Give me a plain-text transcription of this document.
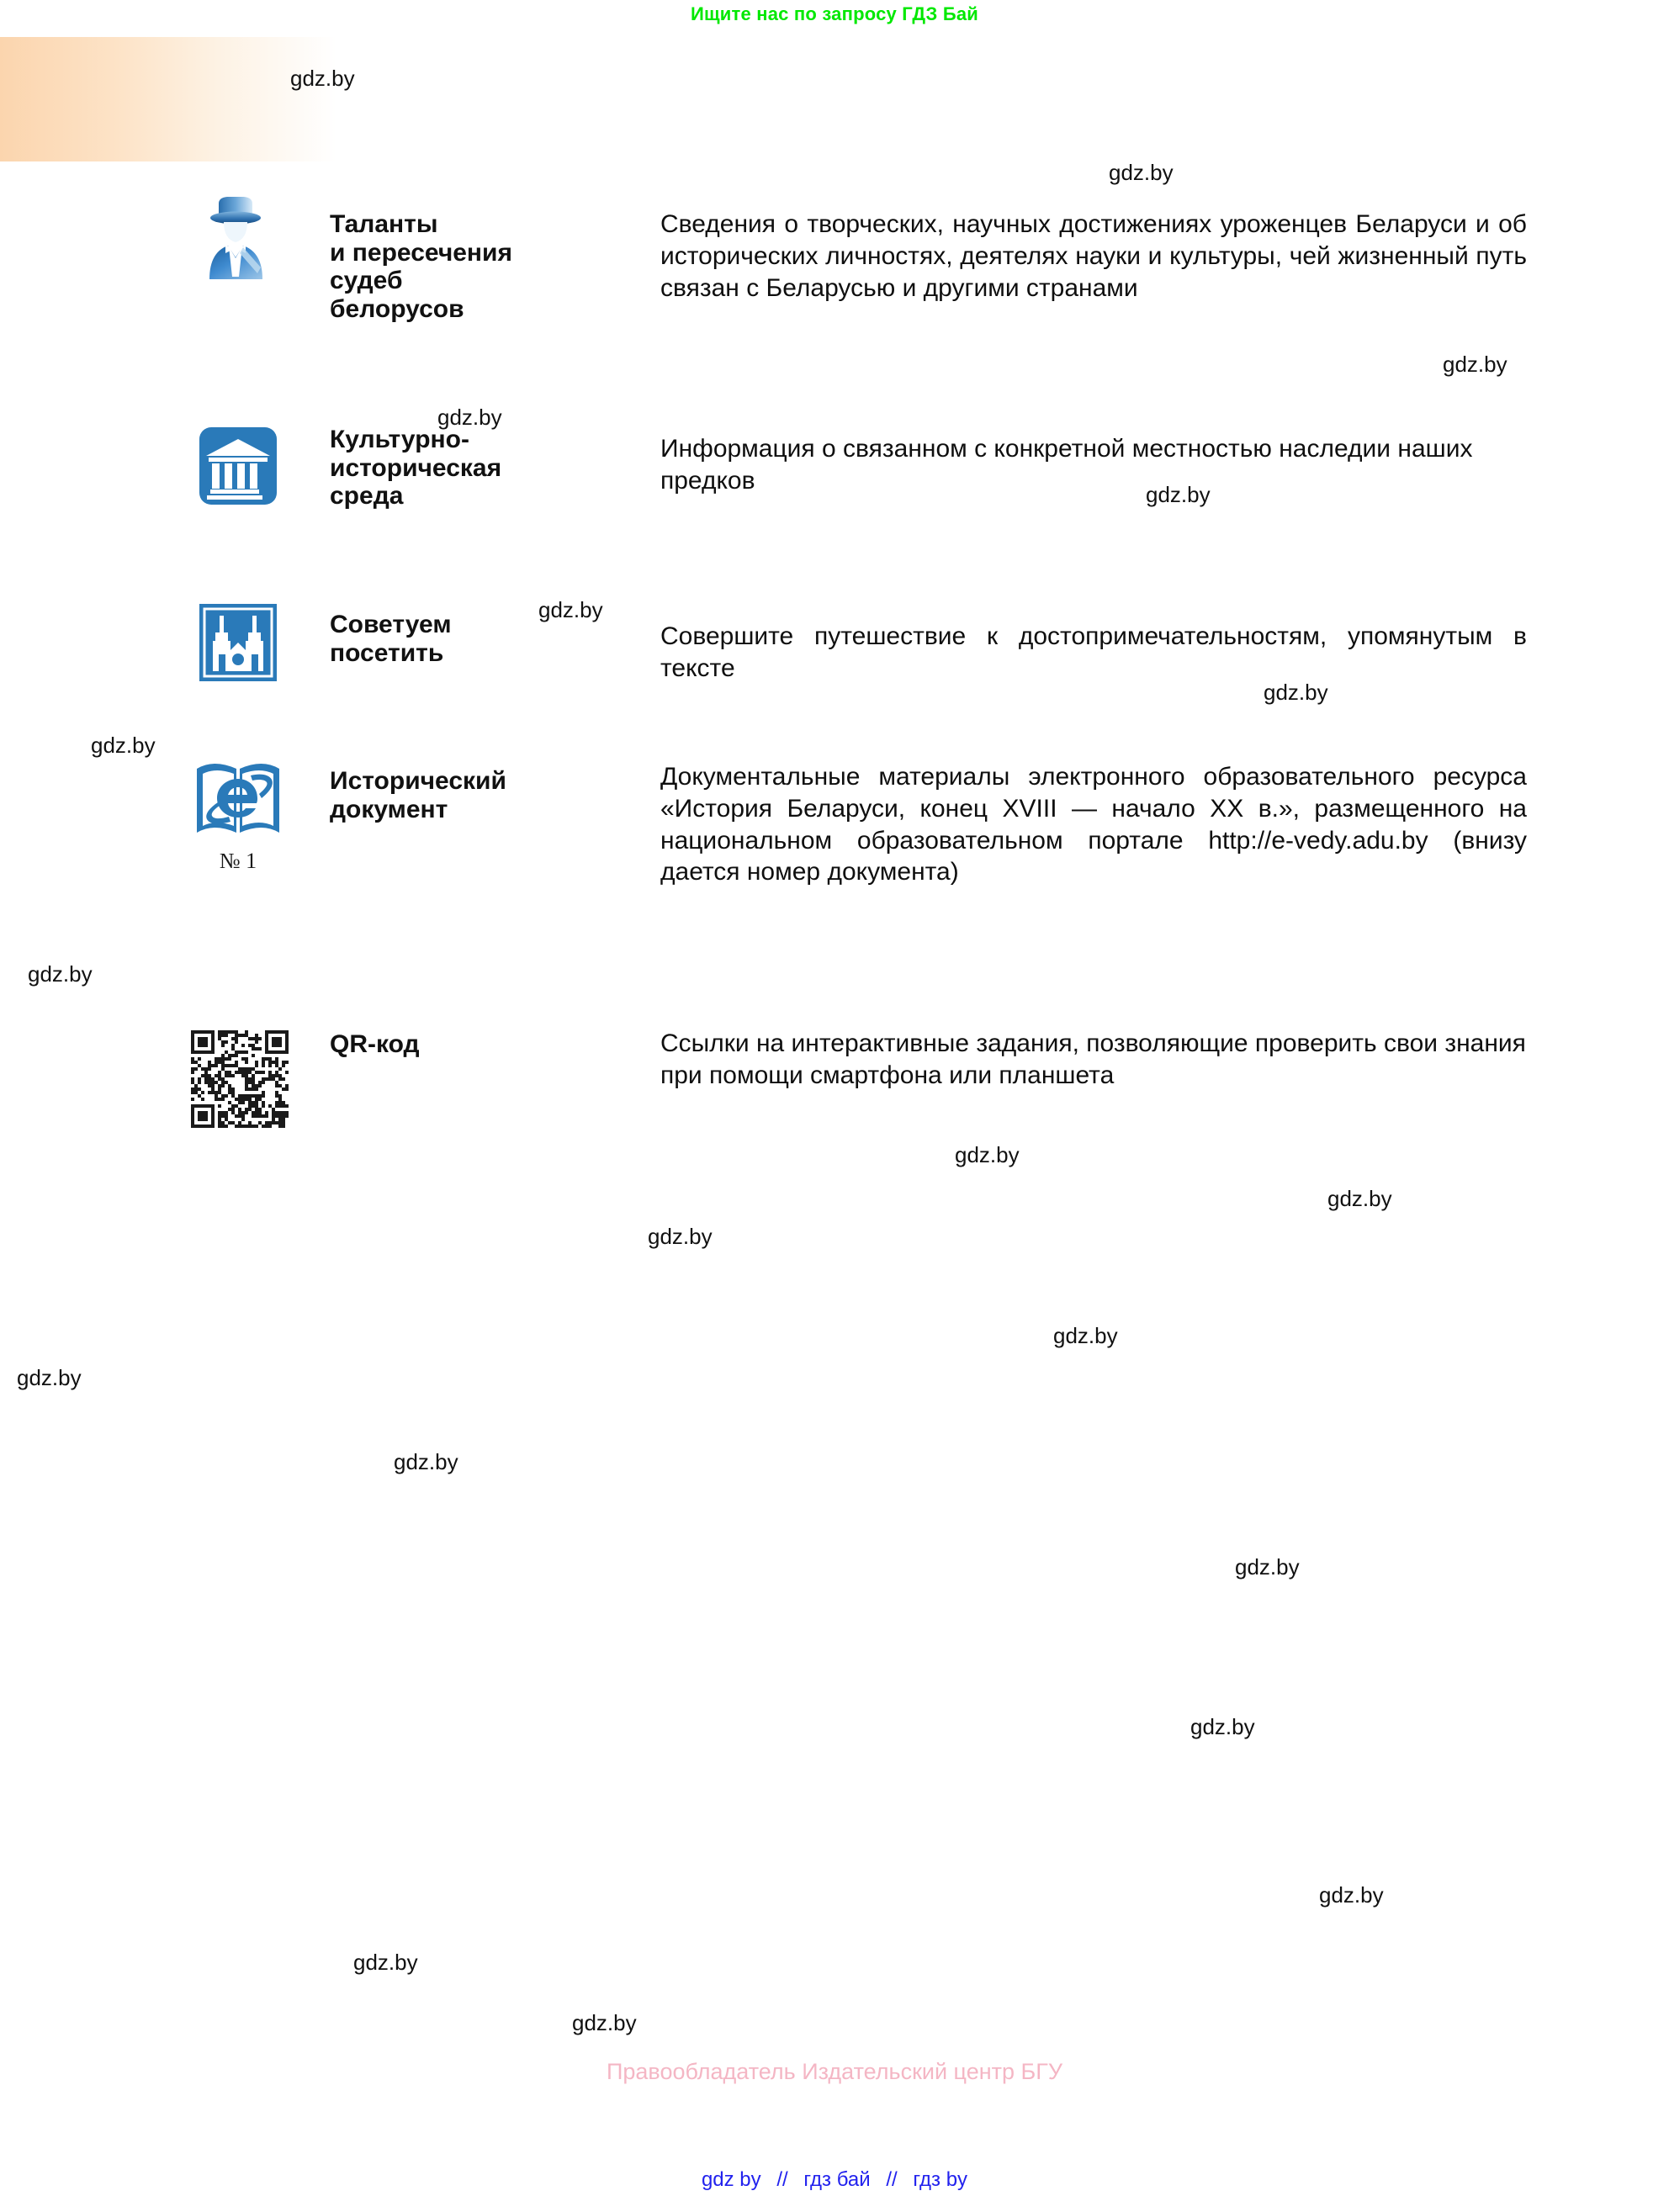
Ищите нас по запросу ГДЗ Бай
Таланты
и пересечения
судеб
белорусов
Сведения о творческих, научных достижениях уроженцев Беларуси и об исторических личностях, деятелях науки и культуры, чей жизненный путь связан с Беларусью и другими странами
Культурно-
историческая
среда
Информация о связанном с конкретной местностью наследии наших предков
Советуем
посетить
Совершите путешествие к достопримечательностям, упомянутым в тексте
№ 1
Исторический
документ
Документальные материалы электронного образовательного ресурса «История Беларуси, конец XVIII — начало XX в.», размещенного на национальном образовательном портале http://e-vedy.adu.by (внизу дается номер документа)
QR-код	Ссылки на интерактивные задания, позволяющие проверить свои знания при помощи смартфона или планшета
gdz.by
gdz.by
gdz.by
gdz.by
gdz.by
gdz.by
gdz.by
gdz.by
gdz.by
gdz.by
gdz.by
gdz.by
gdz.by
gdz.by
gdz.by
gdz.by
gdz.by
gdz.by
gdz.by
gdz.by
Правообладатель Издательский центр БГУ
gdz by // гдз бай // гдз by
